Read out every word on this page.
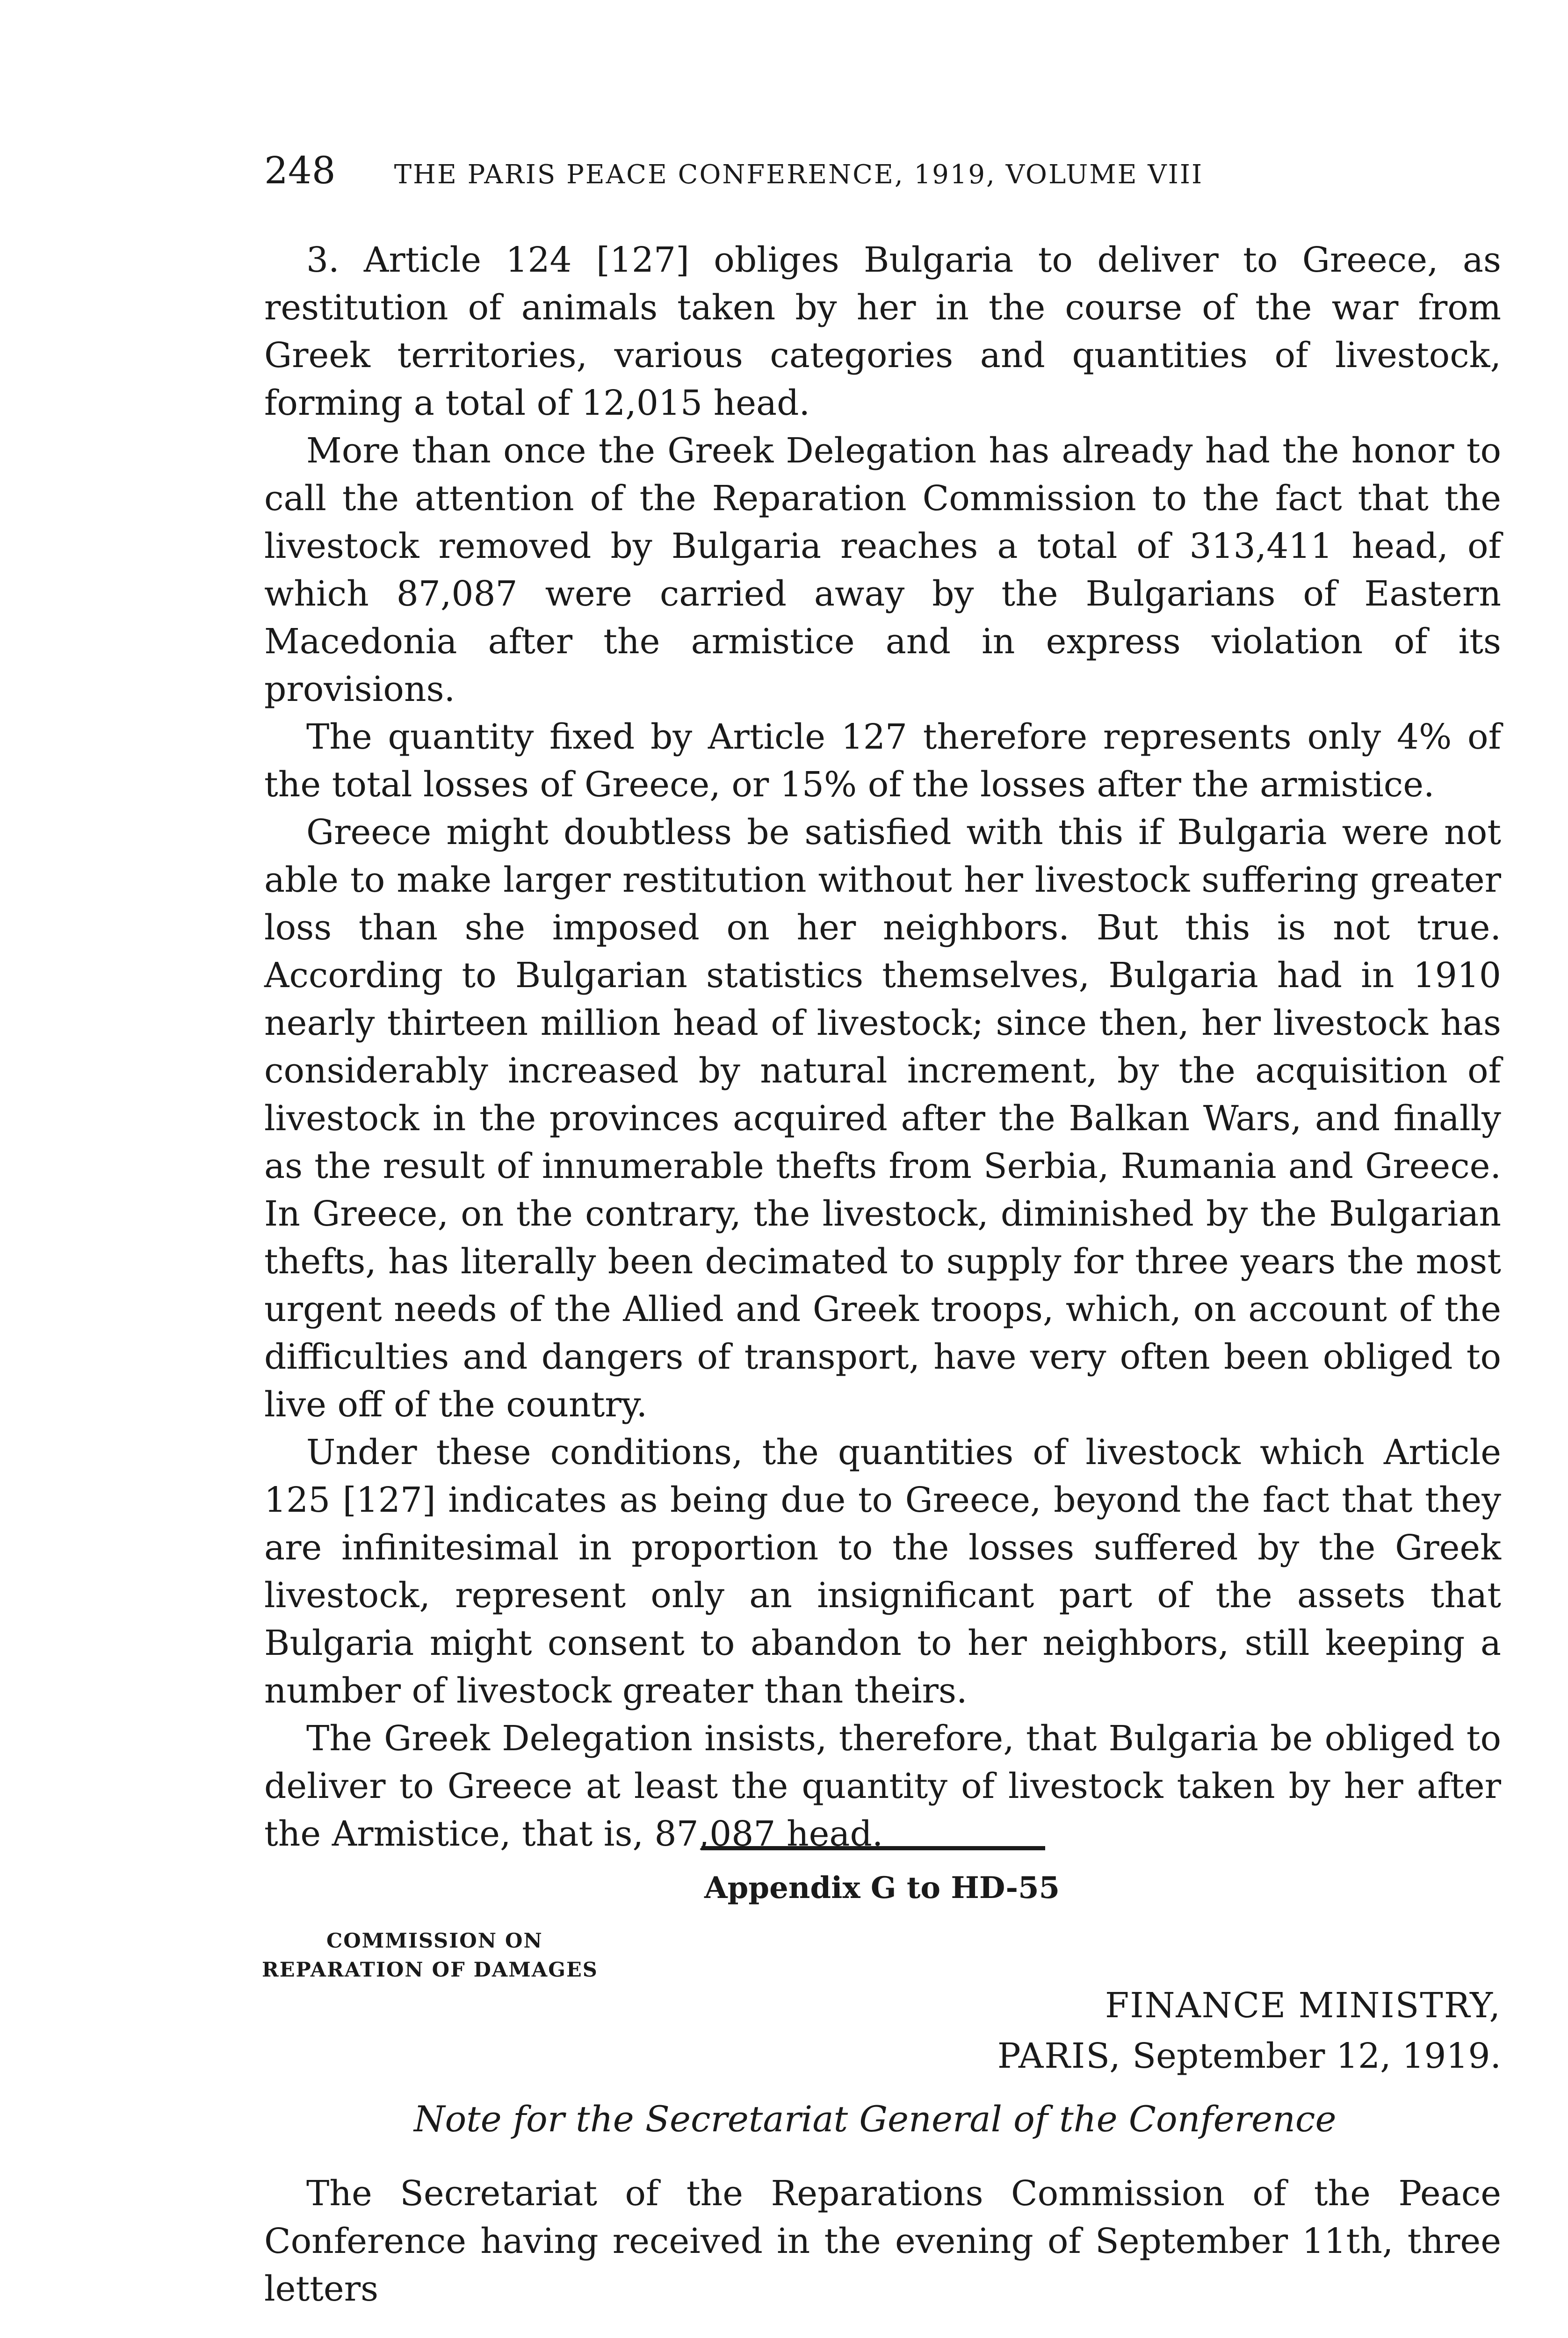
248 THE PARIS PEACE CONFERENCE, 1919, VOLUME VIII

3. Article 124 [127] obliges Bulgaria to deliver to Greece, as restitution of animals taken by her in the course of the war from Greek territories, various categories and quantities of livestock, forming a total of 12,015 head.

More than once the Greek Delegation has already had the honor to call the attention of the Reparation Commission to the fact that the livestock removed by Bulgaria reaches a total of 313,411 head, of which 87,087 were carried away by the Bulgarians of Eastern Macedonia after the armistice and in express violation of its provisions.

The quantity fixed by Article 127 therefore represents only 4% of the total losses of Greece, or 15% of the losses after the armistice.

Greece might doubtless be satisfied with this if Bulgaria were not able to make larger restitution without her livestock suffering greater loss than she imposed on her neighbors. But this is not true. According to Bulgarian statistics themselves, Bulgaria had in 1910 nearly thirteen million head of livestock; since then, her livestock has considerably increased by natural increment, by the acquisition of livestock in the provinces acquired after the Balkan Wars, and finally as the result of innumerable thefts from Serbia, Rumania and Greece. In Greece, on the contrary, the livestock, diminished by the Bulgarian thefts, has literally been decimated to supply for three years the most urgent needs of the Allied and Greek troops, which, on account of the difficulties and dangers of transport, have very often been obliged to live off of the country.

Under these conditions, the quantities of livestock which Article 125 [127] indicates as being due to Greece, beyond the fact that they are infinitesimal in proportion to the losses suffered by the Greek livestock, represent only an insignificant part of the assets that Bulgaria might consent to abandon to her neighbors, still keeping a number of livestock greater than theirs.

The Greek Delegation insists, therefore, that Bulgaria be obliged to deliver to Greece at least the quantity of livestock taken by her after the Armistice, that is, 87,087 head.

Appendix G to HD-55
COMMISSION ON
REPARATION OF DAMAGES
FINANCE MINISTRY,
PARIS, September 12, 1919.
Note for the Secretariat General of the Conference

The Secretariat of the Reparations Commission of the Peace Conference having received in the evening of September 11th, three letters
